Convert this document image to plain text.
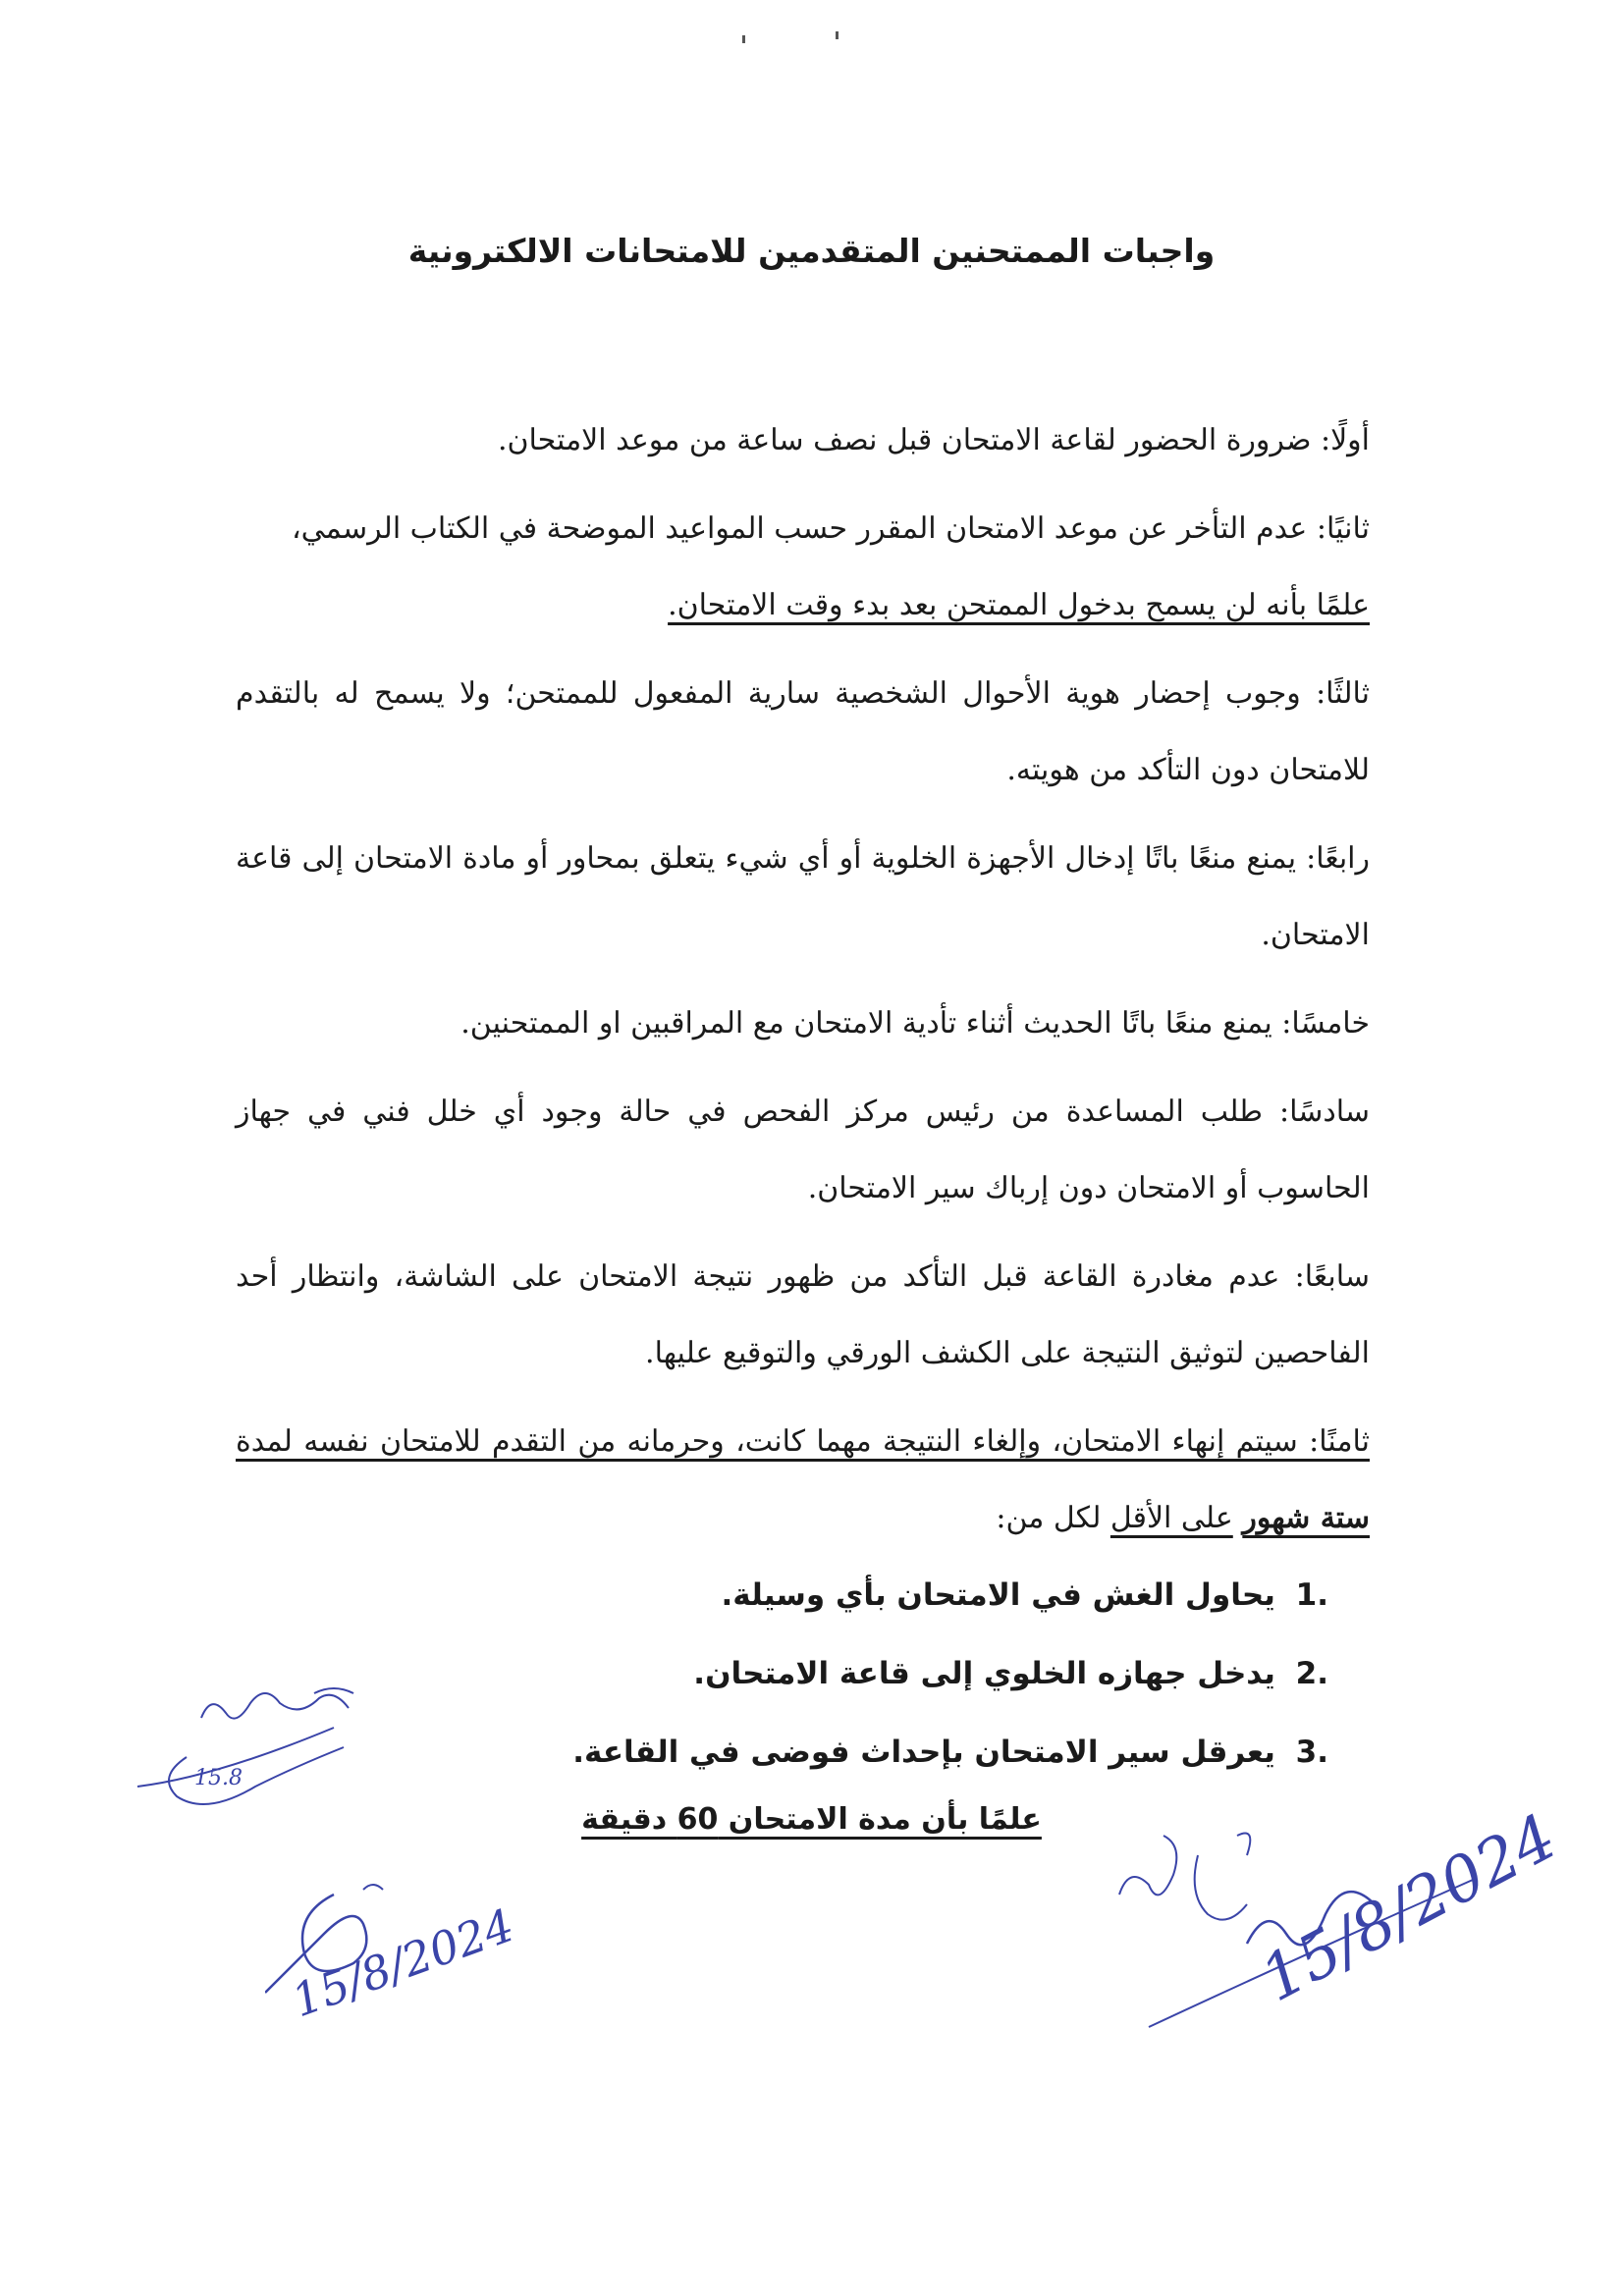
واجبات الممتحنين المتقدمين للامتحانات الالكترونية

أولًا: ضرورة الحضور لقاعة الامتحان قبل نصف ساعة من موعد الامتحان.

ثانيًا: عدم التأخر عن موعد الامتحان المقرر حسب المواعيد الموضحة في الكتاب الرسمي،
علمًا بأنه لن يسمح بدخول الممتحن بعد بدء وقت الامتحان.

ثالثًا: وجوب إحضار هوية الأحوال الشخصية سارية المفعول للممتحن؛ ولا يسمح له بالتقدم للامتحان دون التأكد من هويته.

رابعًا: يمنع منعًا باتًا إدخال الأجهزة الخلوية أو أي شيء يتعلق بمحاور أو مادة الامتحان إلى قاعة الامتحان.

خامسًا: يمنع منعًا باتًا الحديث أثناء تأدية الامتحان مع المراقبين او الممتحنين.

سادسًا: طلب المساعدة من رئيس مركز الفحص في حالة وجود أي خلل فني في جهاز الحاسوب أو الامتحان دون إرباك سير الامتحان.

سابعًا: عدم مغادرة القاعة قبل التأكد من ظهور نتيجة الامتحان على الشاشة، وانتظار أحد الفاحصين لتوثيق النتيجة على الكشف الورقي والتوقيع عليها.

ثامنًا: سيتم إنهاء الامتحان، وإلغاء النتيجة مهما كانت، وحرمانه من التقدم للامتحان نفسه لمدة ستة شهور على الأقل لكل من:

1. يحاول الغش في الامتحان بأي وسيلة.
2. يدخل جهازه الخلوي إلى قاعة الامتحان.
3. يعرقل سير الامتحان بإحداث فوضى في القاعة.
علمًا بأن مدة الامتحان 60 دقيقة
15.8
15/8/2024	15/8/2024
